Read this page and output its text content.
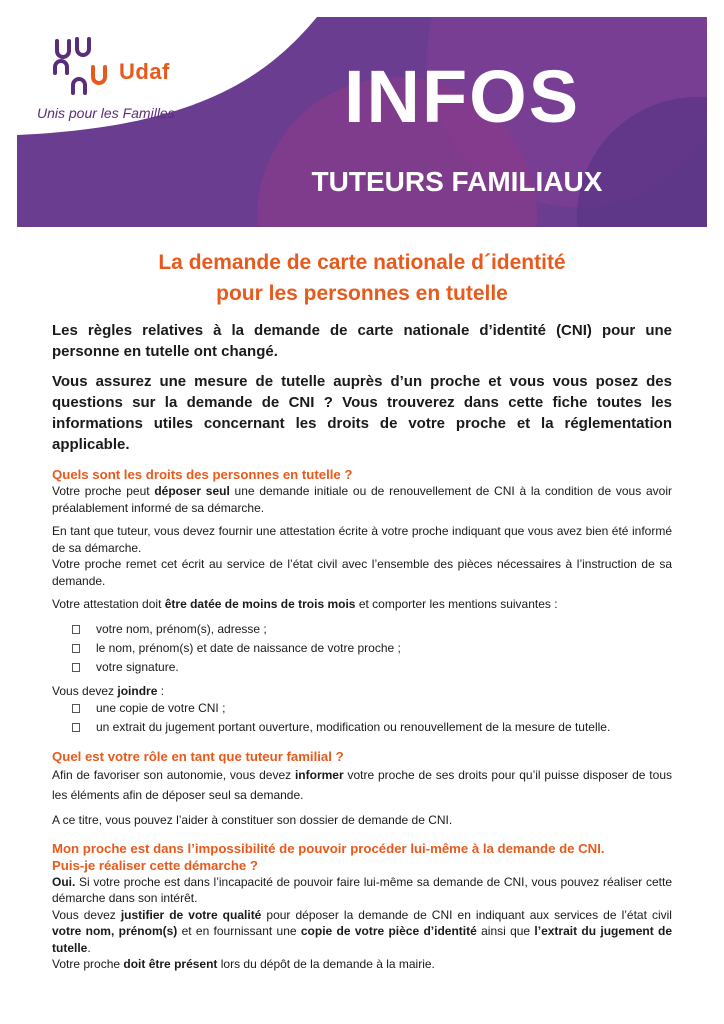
Udaf
Unis pour les Familles	INFOS
TUTEURS FAMILIAUX
La demande de carte nationale d´identité
pour les personnes en tutelle

Les règles relatives à la demande de carte nationale d’identité (CNI) pour une personne en tutelle ont changé.

Vous assurez une mesure de tutelle auprès d’un proche et vous vous posez des questions sur la demande de CNI ? Vous trouverez dans cette fiche toutes les informations utiles concernant les droits de votre proche et la réglementation applicable.

Quels sont les droits des personnes en tutelle ?

Votre proche peut déposer seul une demande initiale ou de renouvellement de CNI à la condition de vous avoir préalablement informé de sa démarche.

En tant que tuteur, vous devez fournir une attestation écrite à votre proche indiquant que vous avez bien été informé de sa démarche.

Votre proche remet cet écrit au service de l’état civil avec l’ensemble des pièces nécessaires à l’instruction de sa demande.

Votre attestation doit être datée de moins de trois mois et comporter les mentions suivantes :

votre nom, prénom(s), adresse ;
le nom, prénom(s) et date de naissance de votre proche ;
votre signature.

Vous devez joindre :

une copie de votre CNI ;
un extrait du jugement portant ouverture, modification ou renouvellement de la mesure de tutelle.
Quel est votre rôle en tant que tuteur familial ?

Afin de favoriser son autonomie, vous devez informer votre proche de ses droits pour qu’il puisse disposer de tous les éléments afin de déposer seul sa demande.

A ce titre, vous pouvez l’aider à constituer son dossier de demande de CNI.

Mon proche est dans l’impossibilité de pouvoir procéder lui-même à la demande de CNI.
Puis-je réaliser cette démarche ?

Oui. Si votre proche est dans l’incapacité de pouvoir faire lui-même sa demande de CNI, vous pouvez réaliser cette démarche dans son intérêt.

Vous devez justifier de votre qualité pour déposer la demande de CNI en indiquant aux services de l’état civil votre nom, prénom(s) et en fournissant une copie de votre pièce d’identité ainsi que l’extrait du jugement de tutelle.

Votre proche doit être présent lors du dépôt de la demande à la mairie.
